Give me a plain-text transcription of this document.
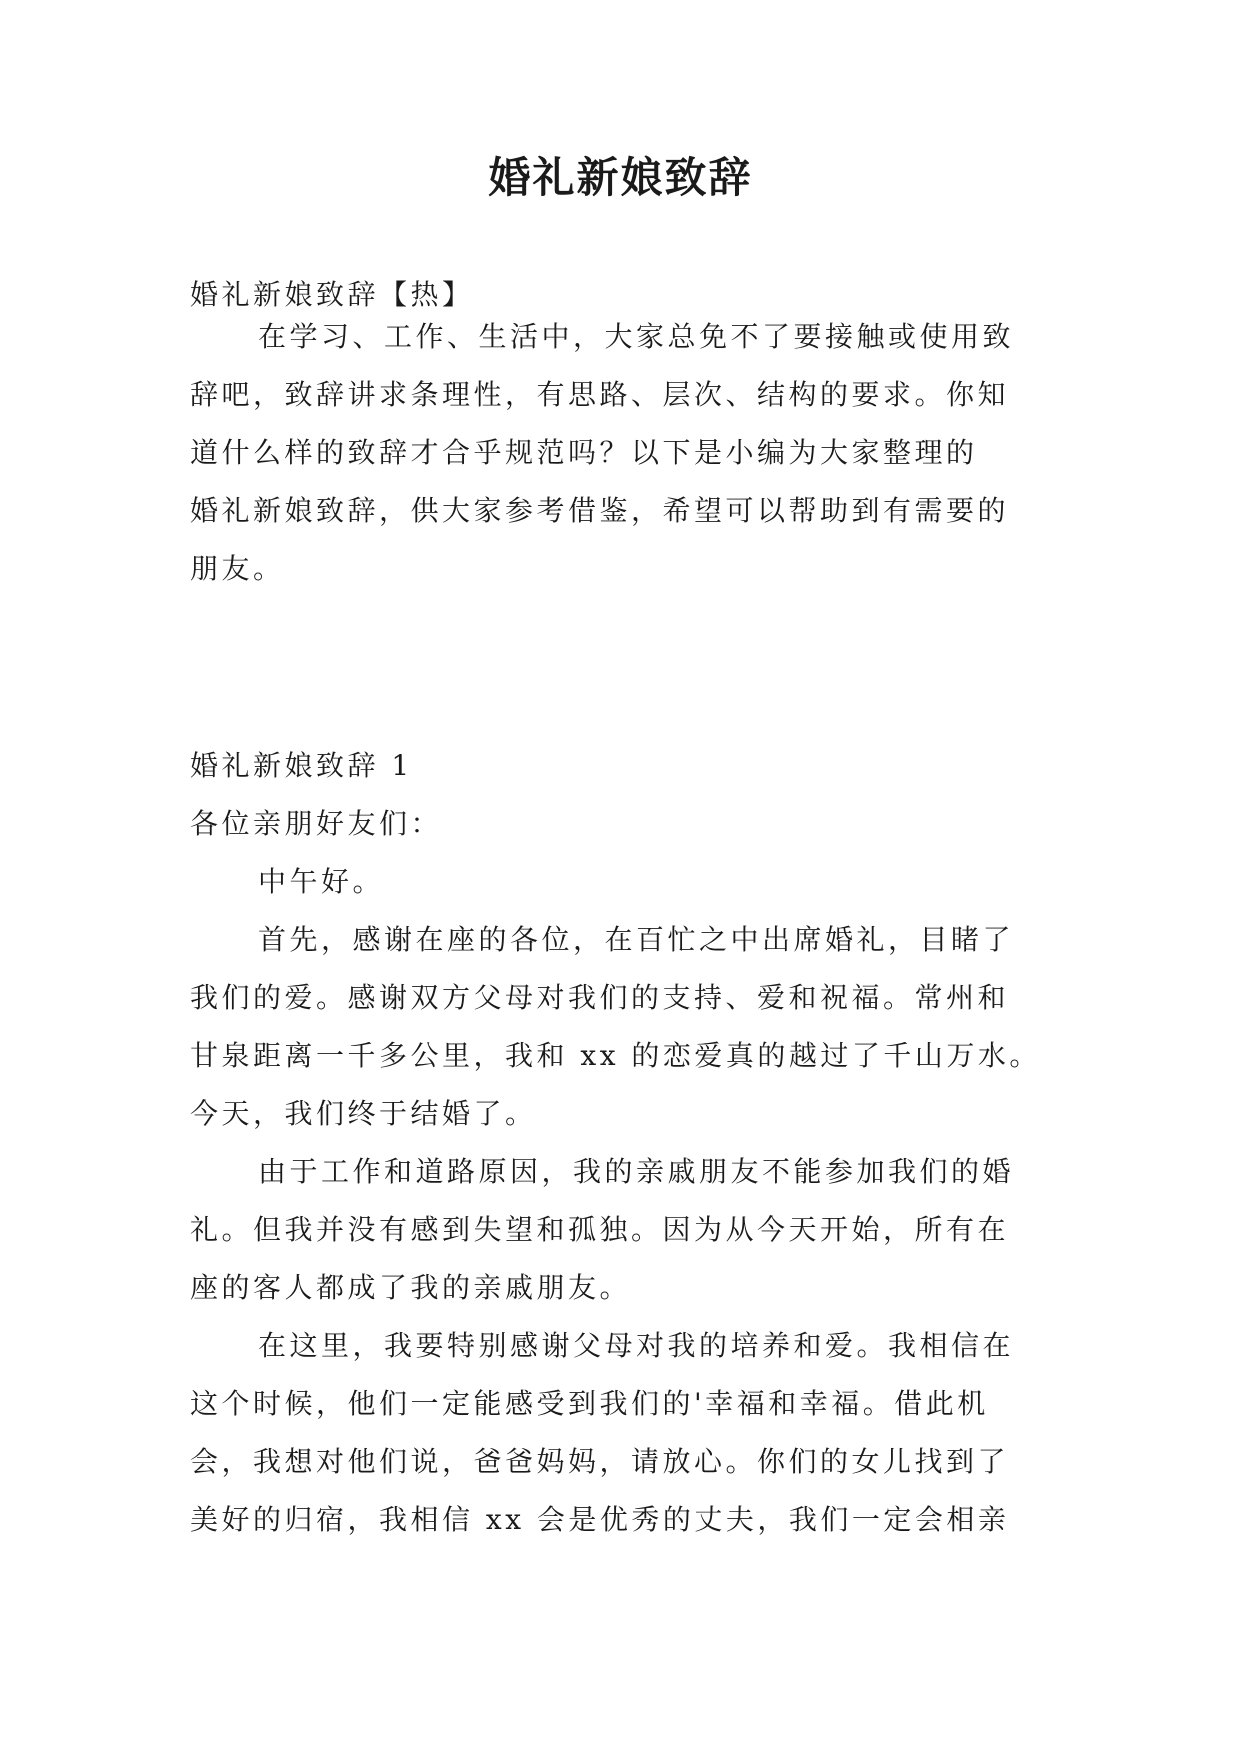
婚礼新娘致辞
婚礼新娘致辞【热】
在学习、工作、生活中，大家总免不了要接触或使用致
辞吧，致辞讲求条理性，有思路、层次、结构的要求。你知
道什么样的致辞才合乎规范吗？以下是小编为大家整理的
婚礼新娘致辞，供大家参考借鉴，希望可以帮助到有需要的
朋友。
婚礼新娘致辞 1
各位亲朋好友们：
中午好。
首先，感谢在座的各位，在百忙之中出席婚礼，目睹了
我们的爱。感谢双方父母对我们的支持、爱和祝福。常州和
甘泉距离一千多公里，我和 xx 的恋爱真的越过了千山万水。
今天，我们终于结婚了。
由于工作和道路原因，我的亲戚朋友不能参加我们的婚
礼。但我并没有感到失望和孤独。因为从今天开始，所有在
座的客人都成了我的亲戚朋友。
在这里，我要特别感谢父母对我的培养和爱。我相信在
这个时候，他们一定能感受到我们的'幸福和幸福。借此机
会，我想对他们说，爸爸妈妈，请放心。你们的女儿找到了
美好的归宿，我相信 xx 会是优秀的丈夫，我们一定会相亲
